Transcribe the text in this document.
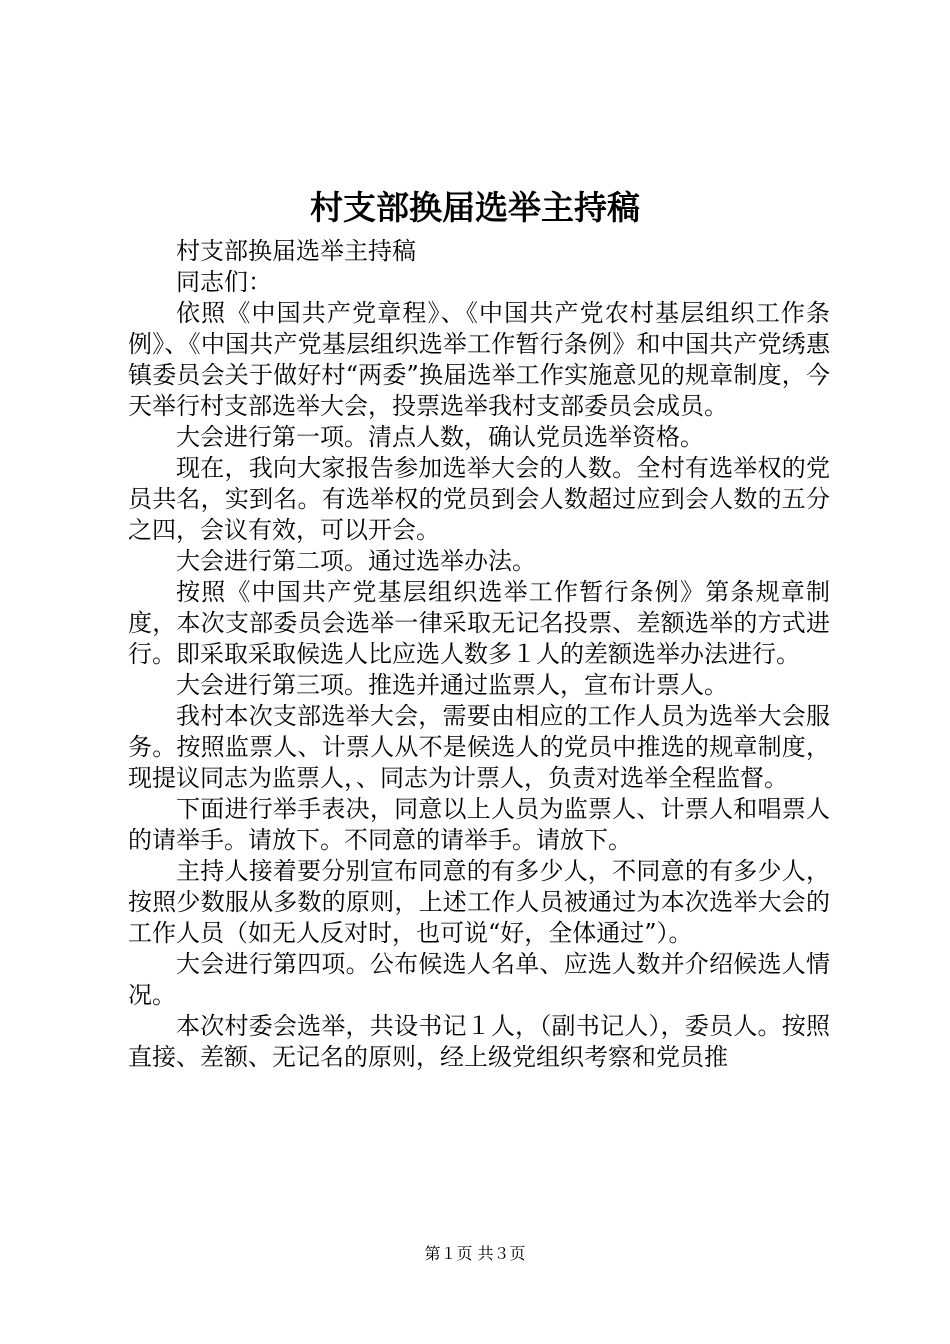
村支部换届选举主持稿

村支部换届选举主持稿

同志们：

依照《中国共产党章程》、《中国共产党农村基层组织工作条例》、《中国共产党基层组织选举工作暂行条例》和中国共产党绣惠镇委员会关于做好村“两委”换届选举工作实施意见的规章制度，今天举行村支部选举大会，投票选举我村支部委员会成员。

大会进行第一项。清点人数，确认党员选举资格。

现在，我向大家报告参加选举大会的人数。全村有选举权的党员共名，实到名。有选举权的党员到会人数超过应到会人数的五分之四，会议有效，可以开会。

大会进行第二项。通过选举办法。

按照《中国共产党基层组织选举工作暂行条例》第条规章制度，本次支部委员会选举一律采取无记名投票、差额选举的方式进行。即采取采取候选人比应选人数多１人的差额选举办法进行。

大会进行第三项。推选并通过监票人，宣布计票人。

我村本次支部选举大会，需要由相应的工作人员为选举大会服务。按照监票人、计票人从不是候选人的党员中推选的规章制度，现提议同志为监票人，、同志为计票人，负责对选举全程监督。

下面进行举手表决，同意以上人员为监票人、计票人和唱票人的请举手。请放下。不同意的请举手。请放下。

主持人接着要分别宣布同意的有多少人，不同意的有多少人，按照少数服从多数的原则，上述工作人员被通过为本次选举大会的工作人员（如无人反对时，也可说“好，全体通过”）。

大会进行第四项。公布候选人名单、应选人数并介绍候选人情况。

本次村委会选举，共设书记１人，（副书记人），委员人。按照直接、差额、无记名的原则，经上级党组织考察和党员推

第１页 共３页
